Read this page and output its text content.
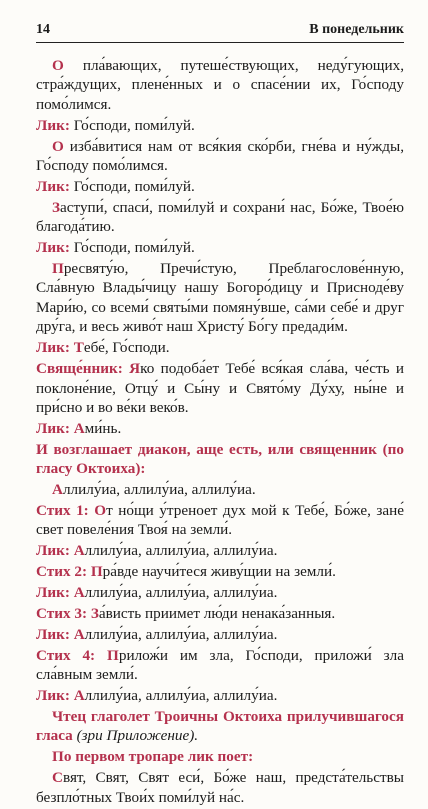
14	В понедельник

О пла́вающих, путеше́ствующих, неду́гующих, стра́ждущих, плене́нных и о спасе́нии их, Го́споду помо́лимся.

Лик: Го́споди, поми́луй.

О изба́витися нам от вся́кия ско́рби, гне́ва и ну́жды, Го́споду помо́лимся.

Лик: Го́споди, поми́луй.

Заступи́, спаси́, поми́луй и сохрани́ нас, Бо́же, Твое́ю благода́тию.

Лик: Го́споди, поми́луй.

Пресвяту́ю, Пречи́стую, Преблагослове́нную, Сла́вную Влады́чицу нашу Богоро́дицу и Присноде́ву Мари́ю, со всеми́ святы́ми помяну́вше, са́ми себе́ и друг дру́га, и весь живо́т наш Христу́ Бо́гу предади́м.

Лик: Тебе́, Го́споди.

Свяще́нник: Яко подоба́ет Тебе́ вся́кая сла́ва, че́сть и поклоне́ние, Отцу́ и Сы́ну и Свято́му Ду́ху, ны́не и при́сно и во ве́ки веко́в.

Лик: Ами́нь.

И возглашает диакон, аще есть, или священник (по гласу Октоиха):

Аллилу́иа, аллилу́иа, аллилу́иа.

Стих 1: От но́щи у́треноет дух мой к Тебе́, Бо́же, зане́ свет повеле́ния Твоя́ на земли́.

Лик: Аллилу́иа, аллилу́иа, аллилу́иа.

Стих 2: Пра́вде научи́теся живу́щии на земли́.

Лик: Аллилу́иа, аллилу́иа, аллилу́иа.

Стих 3: За́висть приимет лю́ди ненака́занныя.

Лик: Аллилу́иа, аллилу́иа, аллилу́иа.

Стих 4: Прилож́и им зла, Го́споди, приложи́ зла сла́вным земли́.

Лик: Аллилу́иа, аллилу́иа, аллилу́иа.

Чтец глаголет Троичны Октоиха прилучившагося гласа (зри Приложение).

По первом тропаре лик поет:

Свят, Свят, Свят еси́, Бо́же наш, предста́тельствы безпло́тных Твои́х поми́луй на́с.
